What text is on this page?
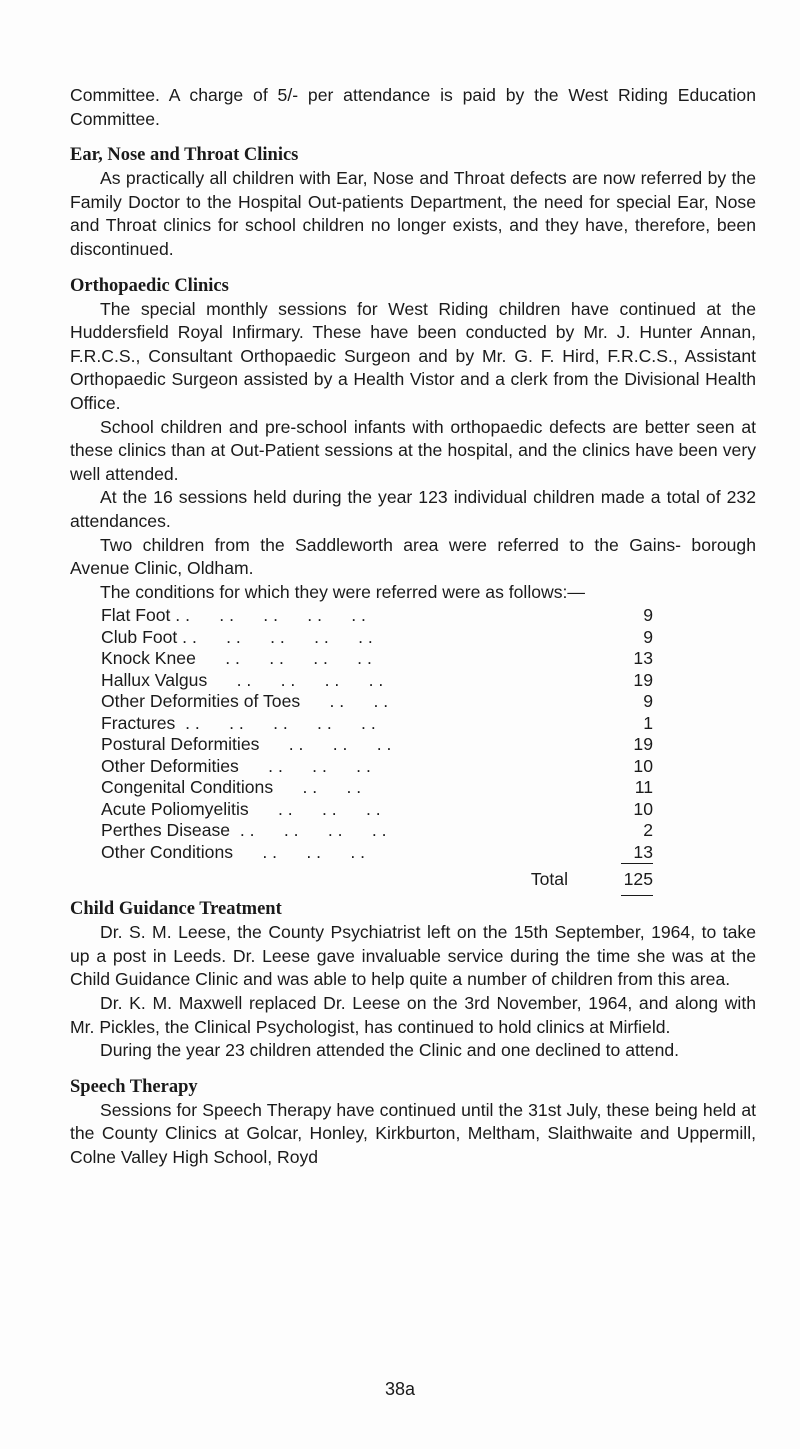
Committee. A charge of 5/- per attendance is paid by the West Riding Education Committee.

Ear, Nose and Throat Clinics

As practically all children with Ear, Nose and Throat defects are now referred by the Family Doctor to the Hospital Out-patients Department, the need for special Ear, Nose and Throat clinics for school children no longer exists, and they have, therefore, been discontinued.

Orthopaedic Clinics

The special monthly sessions for West Riding children have continued at the Huddersfield Royal Infirmary. These have been conducted by Mr. J. Hunter Annan, F.R.C.S., Consultant Orthopaedic Surgeon and by Mr. G. F. Hird, F.R.C.S., Assistant Orthopaedic Surgeon assisted by a Health Vistor and a clerk from the Divisional Health Office.

School children and pre-school infants with orthopaedic defects are better seen at these clinics than at Out-Patient sessions at the hospital, and the clinics have been very well attended.

At the 16 sessions held during the year 123 individual children made a total of 232 attendances.

Two children from the Saddleworth area were referred to the Gains- borough Avenue Clinic, Oldham.

The conditions for which they were referred were as follows:—

Flat Foot . .      . .      . .      . .      . .	9
Club Foot . .      . .      . .      . .      . .	9
Knock Knee      . .      . .      . .      . .	13
Hallux Valgus      . .      . .      . .      . .	19
Other Deformities of Toes      . .      . .	9
Fractures  . .      . .      . .      . .      . .	1
Postural Deformities      . .      . .      . .	19
Other Deformities      . .      . .      . .	10
Congenital Conditions      . .      . .	11
Acute Poliomyelitis      . .      . .      . .	10
Perthes Disease  . .      . .      . .      . .	2
Other Conditions      . .      . .      . .	13
Total	125
Child Guidance Treatment

Dr. S. M. Leese, the County Psychiatrist left on the 15th September, 1964, to take up a post in Leeds. Dr. Leese gave invaluable service during the time she was at the Child Guidance Clinic and was able to help quite a number of children from this area.

Dr. K. M. Maxwell replaced Dr. Leese on the 3rd November, 1964, and along with Mr. Pickles, the Clinical Psychologist, has continued to hold clinics at Mirfield.

During the year 23 children attended the Clinic and one declined to attend.

Speech Therapy

Sessions for Speech Therapy have continued until the 31st July, these being held at the County Clinics at Golcar, Honley, Kirkburton, Meltham, Slaithwaite and Uppermill, Colne Valley High School, Royd

38a
